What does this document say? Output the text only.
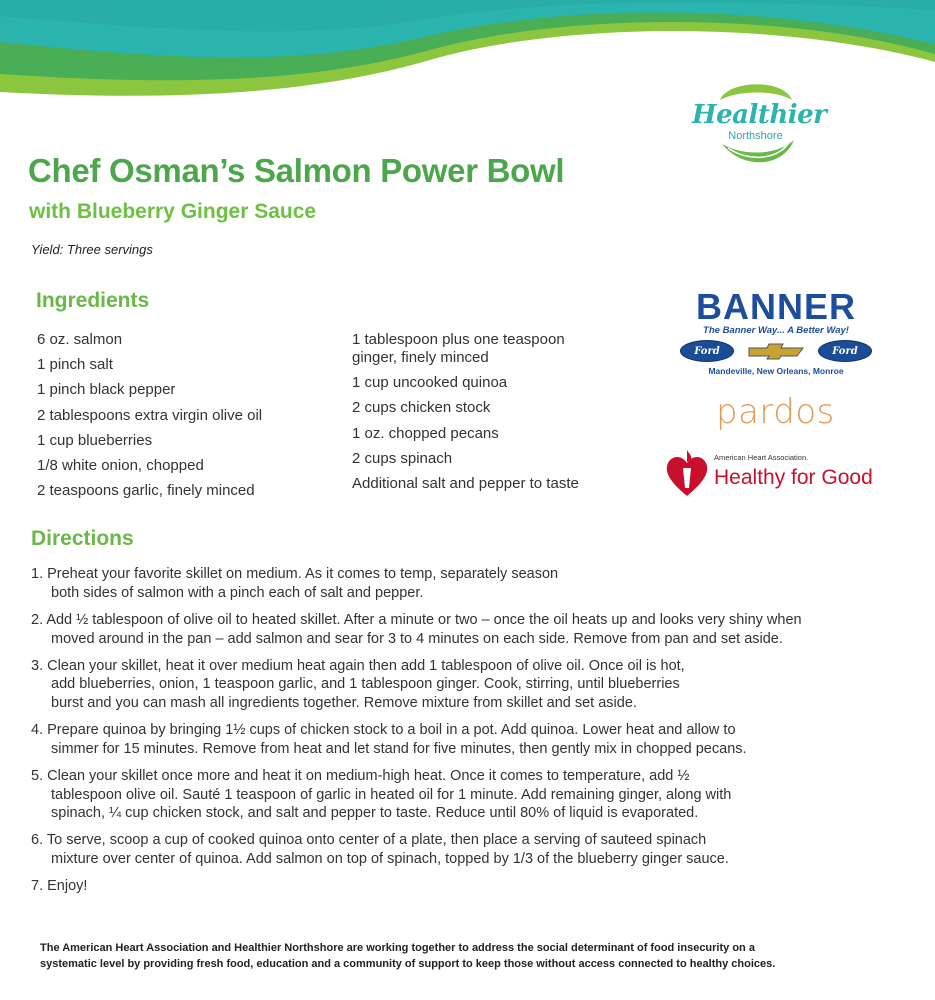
Healthier
Northshore
Chef Osman’s Salmon Power Bowl
with Blueberry Ginger Sauce
Yield: Three servings
Ingredients
6 oz. salmon
1 pinch salt
1 pinch black pepper
2 tablespoons extra virgin olive oil
1 cup blueberries
1/8 white onion, chopped
2 teaspoons garlic, finely minced
1 tablespoon plus one teaspoon
ginger, finely minced
1 cup uncooked quinoa
2 cups chicken stock
1 oz. chopped pecans
2 cups spinach
Additional salt and pepper to taste
BANNER
The Banner Way... A Better Way!
Ford	Ford
Mandeville, New Orleans, Monroe
pardos
American Heart Association.
Healthy for Good
Directions
1. Preheat your favorite skillet on medium. As it comes to temp, separately season
both sides of salmon with a pinch each of salt and pepper.
2. Add ½ tablespoon of olive oil to heated skillet. After a minute or two – once the oil heats up and looks very shiny when
moved around in the pan – add salmon and sear for 3 to 4 minutes on each side. Remove from pan and set aside.
3. Clean your skillet, heat it over medium heat again then add 1 tablespoon of olive oil. Once oil is hot,
add blueberries, onion, 1 teaspoon garlic, and 1 tablespoon ginger. Cook, stirring, until blueberries
burst and you can mash all ingredients together. Remove mixture from skillet and set aside.
4. Prepare quinoa by bringing 1½ cups of chicken stock to a boil in a pot. Add quinoa. Lower heat and allow to
simmer for 15 minutes. Remove from heat and let stand for five minutes, then gently mix in chopped pecans.
5. Clean your skillet once more and heat it on medium-high heat. Once it comes to temperature, add ½
tablespoon olive oil. Sauté 1 teaspoon of garlic in heated oil for 1 minute. Add remaining ginger, along with
spinach, ¼ cup chicken stock, and salt and pepper to taste. Reduce until 80% of liquid is evaporated.
6. To serve, scoop a cup of cooked quinoa onto center of a plate, then place a serving of sauteed spinach
mixture over center of quinoa. Add salmon on top of spinach, topped by 1/3 of the blueberry ginger sauce.
7. Enjoy!
The American Heart Association and Healthier Northshore are working together to address the social determinant of food insecurity on a
systematic level by providing fresh food, education and a community of support to keep those without access connected to healthy choices.
